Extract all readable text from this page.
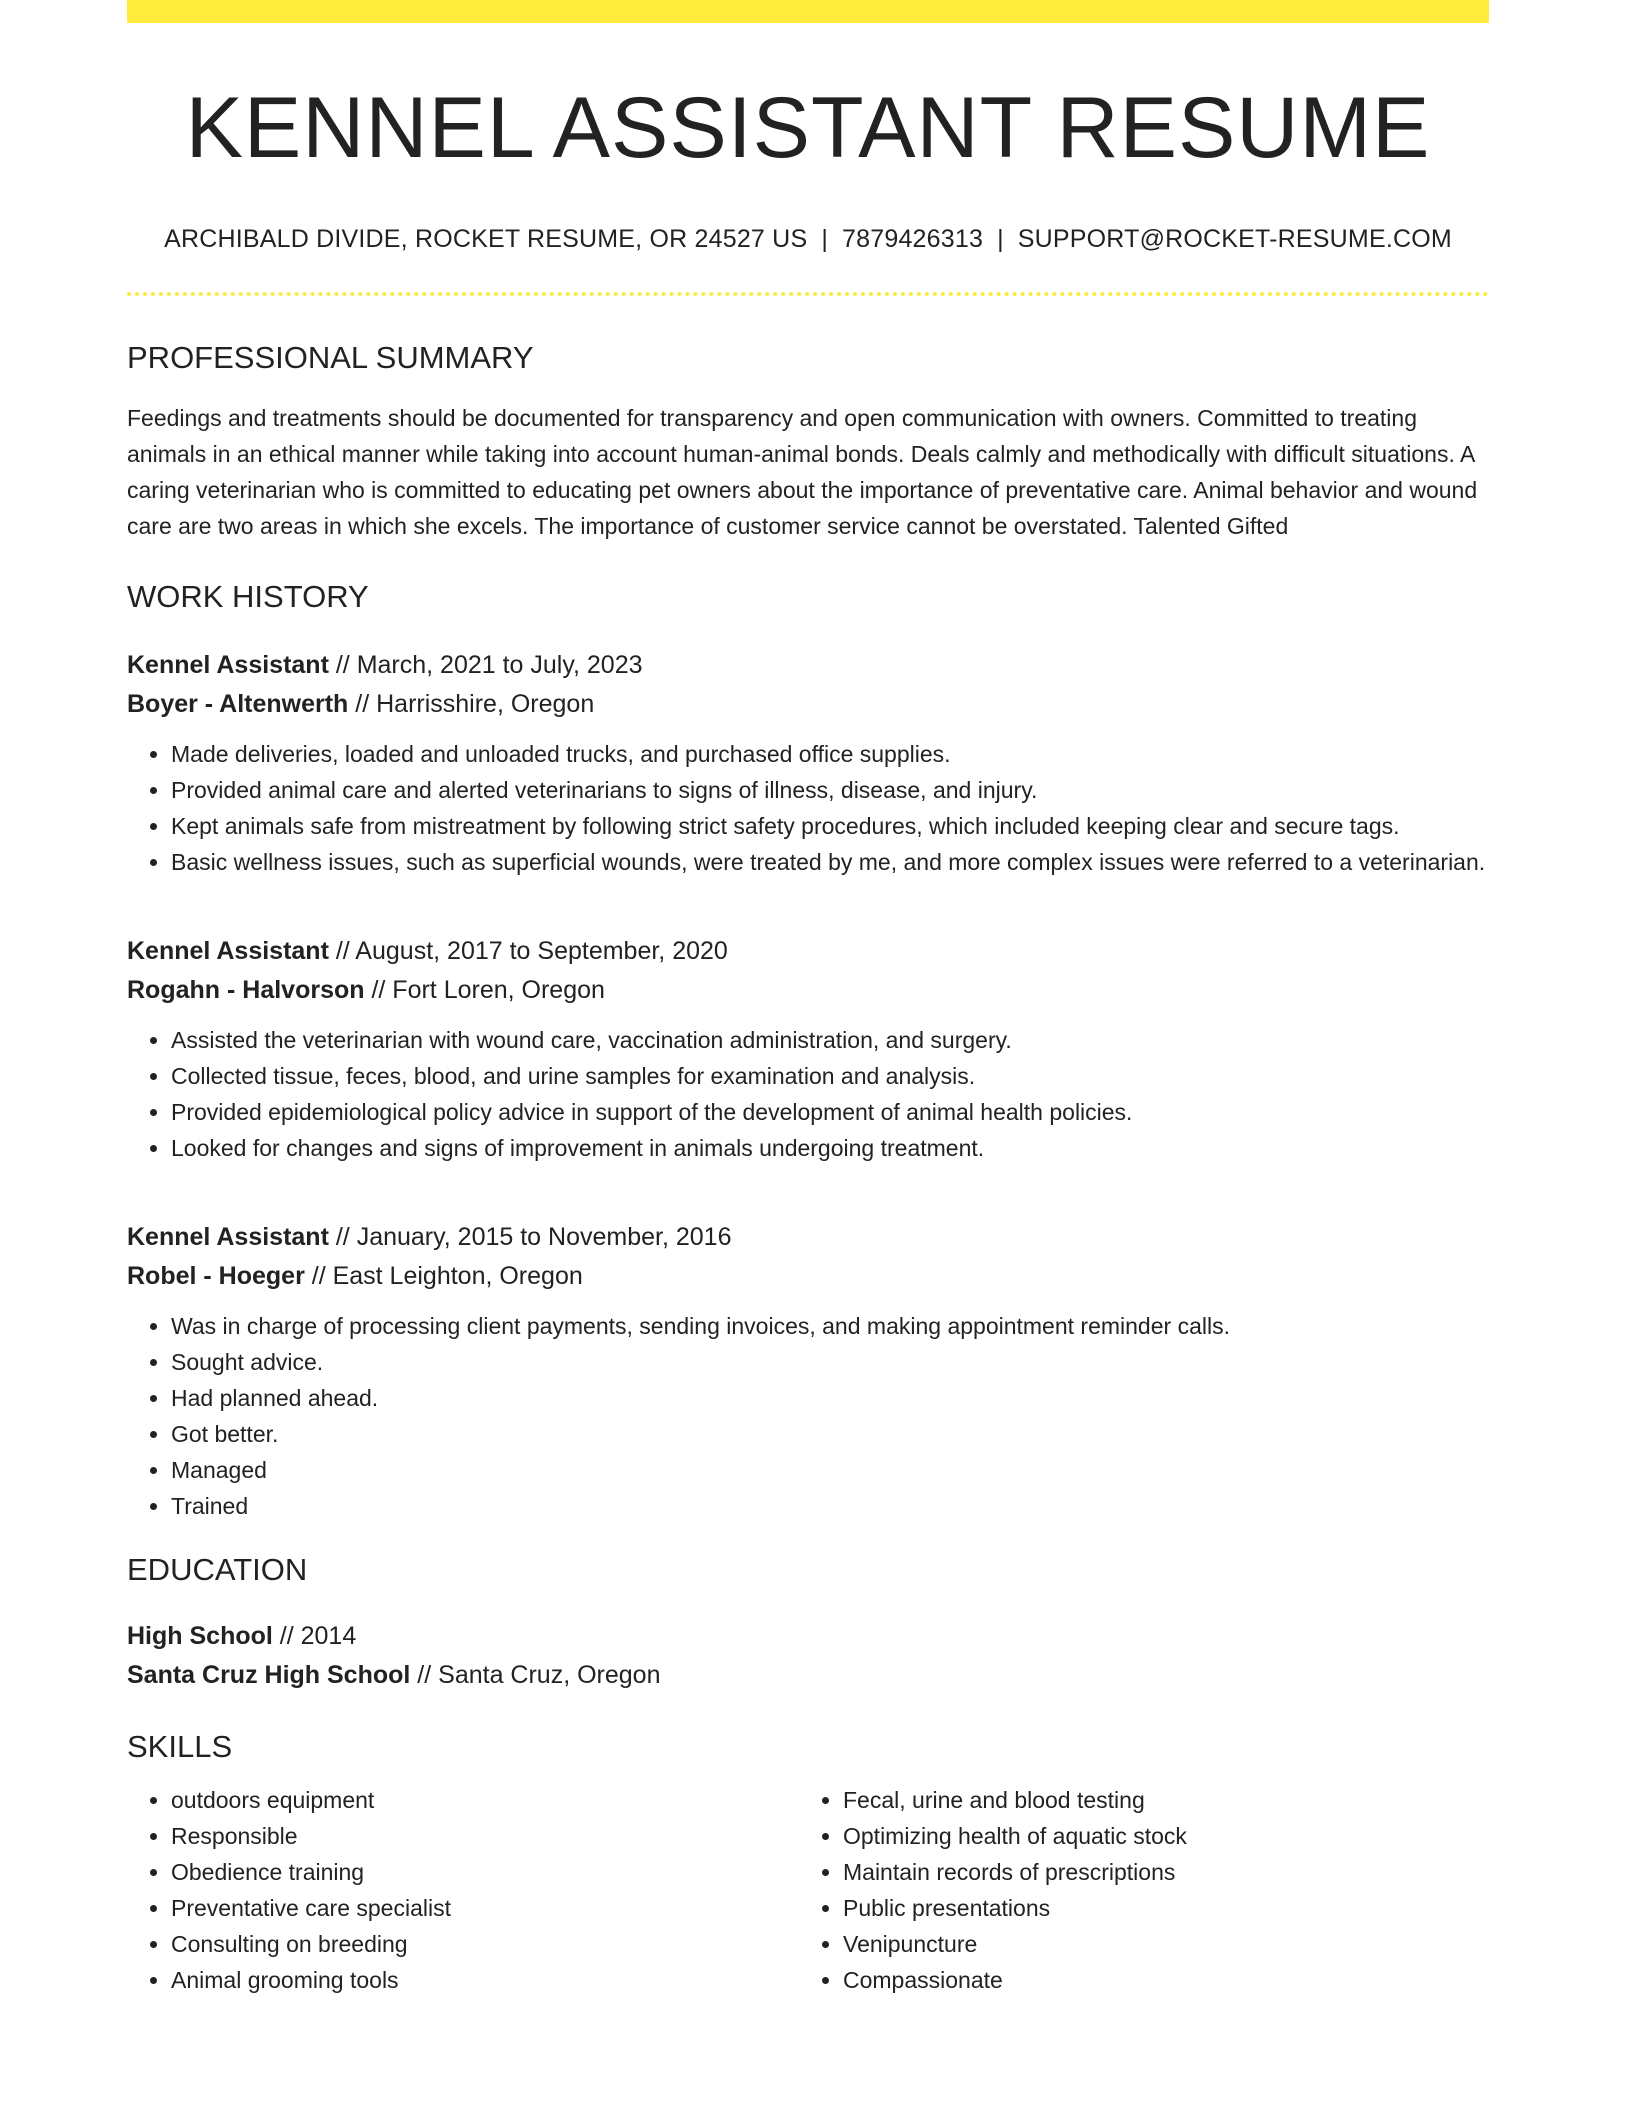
KENNEL ASSISTANT RESUME
ARCHIBALD DIVIDE, ROCKET RESUME, OR 24527 US | 7879426313 | SUPPORT@ROCKET-RESUME.COM
PROFESSIONAL SUMMARY
Feedings and treatments should be documented for transparency and open communication with owners. Committed to treating animals in an ethical manner while taking into account human-animal bonds. Deals calmly and methodically with difficult situations. A caring veterinarian who is committed to educating pet owners about the importance of preventative care. Animal behavior and wound care are two areas in which she excels. The importance of customer service cannot be overstated. Talented Gifted
WORK HISTORY
Kennel Assistant // March, 2021 to July, 2023
Boyer - Altenwerth // Harrisshire, Oregon
• Made deliveries, loaded and unloaded trucks, and purchased office supplies.
• Provided animal care and alerted veterinarians to signs of illness, disease, and injury.
• Kept animals safe from mistreatment by following strict safety procedures, which included keeping clear and secure tags.
• Basic wellness issues, such as superficial wounds, were treated by me, and more complex issues were referred to a veterinarian.
Kennel Assistant // August, 2017 to September, 2020
Rogahn - Halvorson // Fort Loren, Oregon
• Assisted the veterinarian with wound care, vaccination administration, and surgery.
• Collected tissue, feces, blood, and urine samples for examination and analysis.
• Provided epidemiological policy advice in support of the development of animal health policies.
• Looked for changes and signs of improvement in animals undergoing treatment.
Kennel Assistant // January, 2015 to November, 2016
Robel - Hoeger // East Leighton, Oregon
• Was in charge of processing client payments, sending invoices, and making appointment reminder calls.
• Sought advice.
• Had planned ahead.
• Got better.
• Managed
• Trained
EDUCATION
High School // 2014
Santa Cruz High School // Santa Cruz, Oregon
SKILLS
• outdoors equipment
• Responsible
• Obedience training
• Preventative care specialist
• Consulting on breeding
• Animal grooming tools
• Fecal, urine and blood testing
• Optimizing health of aquatic stock
• Maintain records of prescriptions
• Public presentations
• Venipuncture
• Compassionate
